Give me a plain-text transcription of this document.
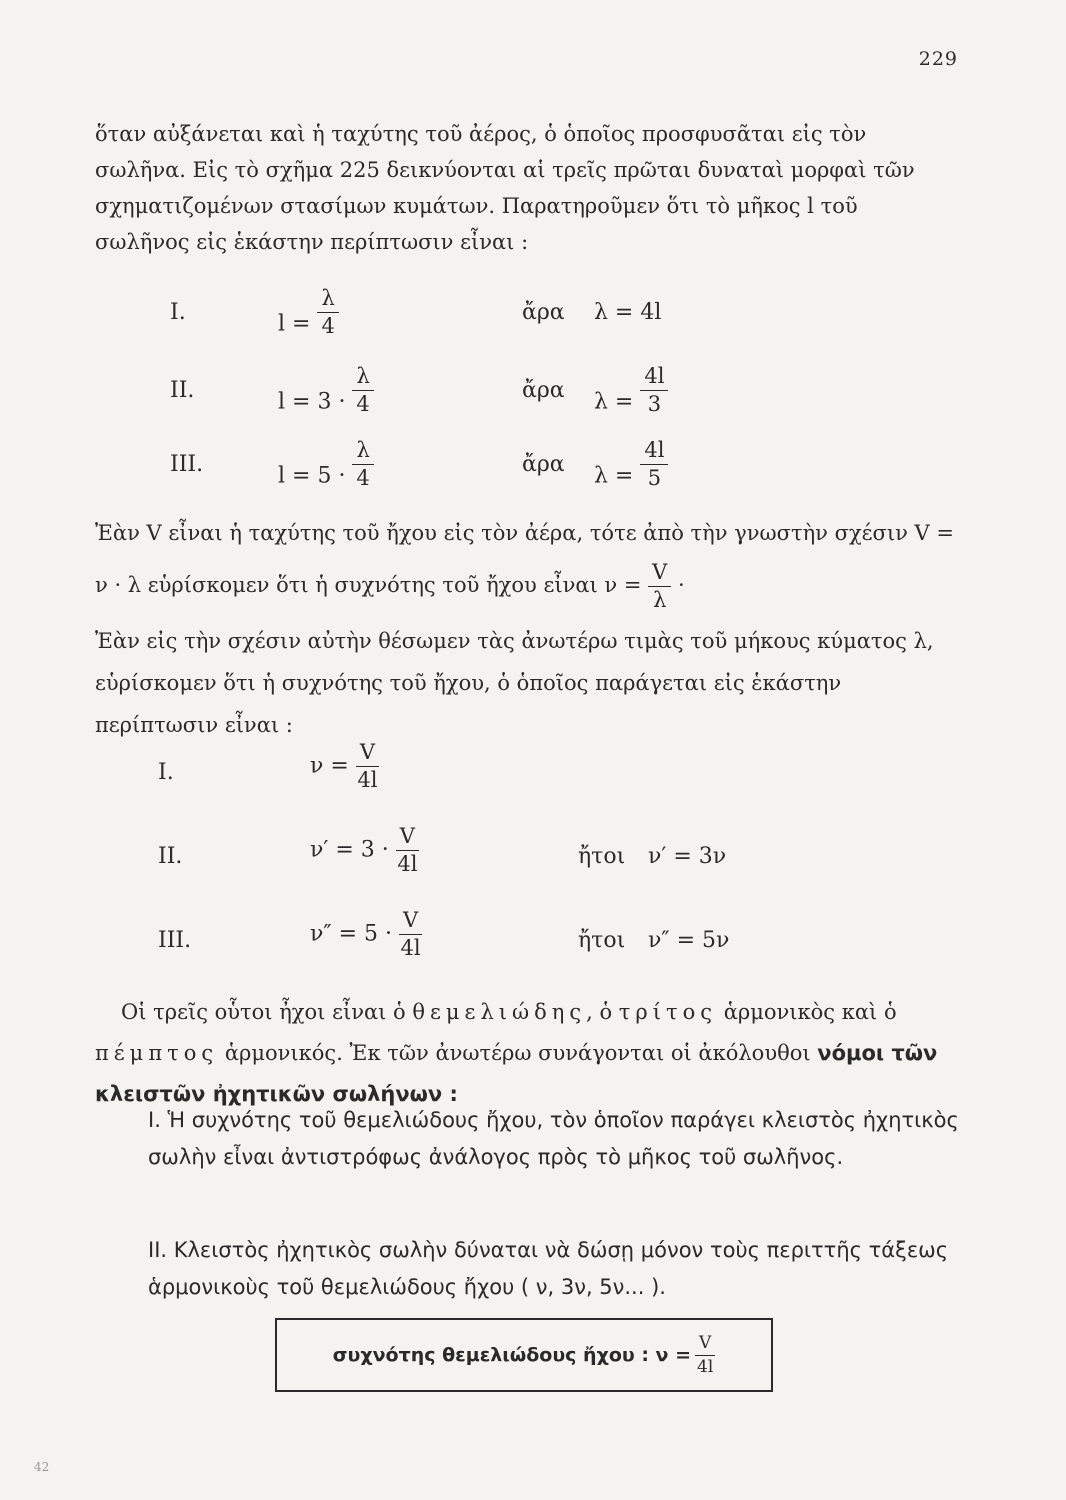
229

ὅταν αὐξάνεται καὶ ἡ ταχύτης τοῦ ἀέρος, ὁ ὁποῖος προσφυσᾶται εἰς τὸν σωλῆνα. Εἰς τὸ σχῆμα 225 δεικνύονται αἱ τρεῖς πρῶται δυναταὶ μορφαὶ τῶν σχηματιζομένων στασίμων κυμάτων. Παρατηροῦμεν ὅτι τὸ μῆκος l τοῦ σωλῆνος εἰς ἑκάστην περίπτωσιν εἶναι :

I.	$l = \frac{\lambda}{4}$	ἄρα λ = 4l
II.	$l = 3 \cdot \frac{\lambda}{4}$	ἄρα $\lambda = \frac{4l}{3}$
III.	$l = 5 \cdot \frac{\lambda}{4}$	ἄρα $\lambda = \frac{4l}{5}$

Ἐὰν V εἶναι ἡ ταχύτης τοῦ ἤχου εἰς τὸν ἀέρα, τότε ἀπὸ τὴν γνωστὴν σχέσιν V = ν · λ εὑρίσκομεν ὅτι ἡ συχνότης τοῦ ἤχου εἶναι $\nu = \frac{V}{\lambda}$ ·

Ἐὰν εἰς τὴν σχέσιν αὐτὴν θέσωμεν τὰς ἀνωτέρω τιμὰς τοῦ μήκους κύματος λ, εὑρίσκομεν ὅτι ἡ συχνότης τοῦ ἤχου, ὁ ὁποῖος παράγεται εἰς ἑκάστην περίπτωσιν εἶναι :

I.	$\nu = \frac{V}{4l}$
II.	$\nu' = 3 \cdot \frac{V}{4l}$	ἤτοι ν′ = 3ν
III.	$\nu'' = 5 \cdot \frac{V}{4l}$	ἤτοι ν″ = 5ν

Οἱ τρεῖς οὗτοι ἦχοι εἶναι ὁ θεμελιώδης, ὁ τρίτος ἁρμονικὸς καὶ ὁ πέμπτος ἁρμονικός. Ἐκ τῶν ἀνωτέρω συνάγονται οἱ ἀκόλουθοι νόμοι τῶν κλειστῶν ἠχητικῶν σωλήνων :

I. Ἡ συχνότης τοῦ θεμελιώδους ἤχου, τὸν ὁποῖον παράγει κλειστὸς ἠχητικὸς σωλὴν εἶναι ἀντιστρόφως ἀνάλογος πρὸς τὸ μῆκος τοῦ σωλῆνος.

II. Κλειστὸς ἠχητικὸς σωλὴν δύναται νὰ δώσῃ μόνον τοὺς περιττῆς τάξεως ἁρμονικοὺς τοῦ θεμελιώδους ἤχου ( ν, 3ν, 5ν... ).

συχνότης θεμελιώδους ἤχου : $\nu = \frac{V}{4l}$
42
